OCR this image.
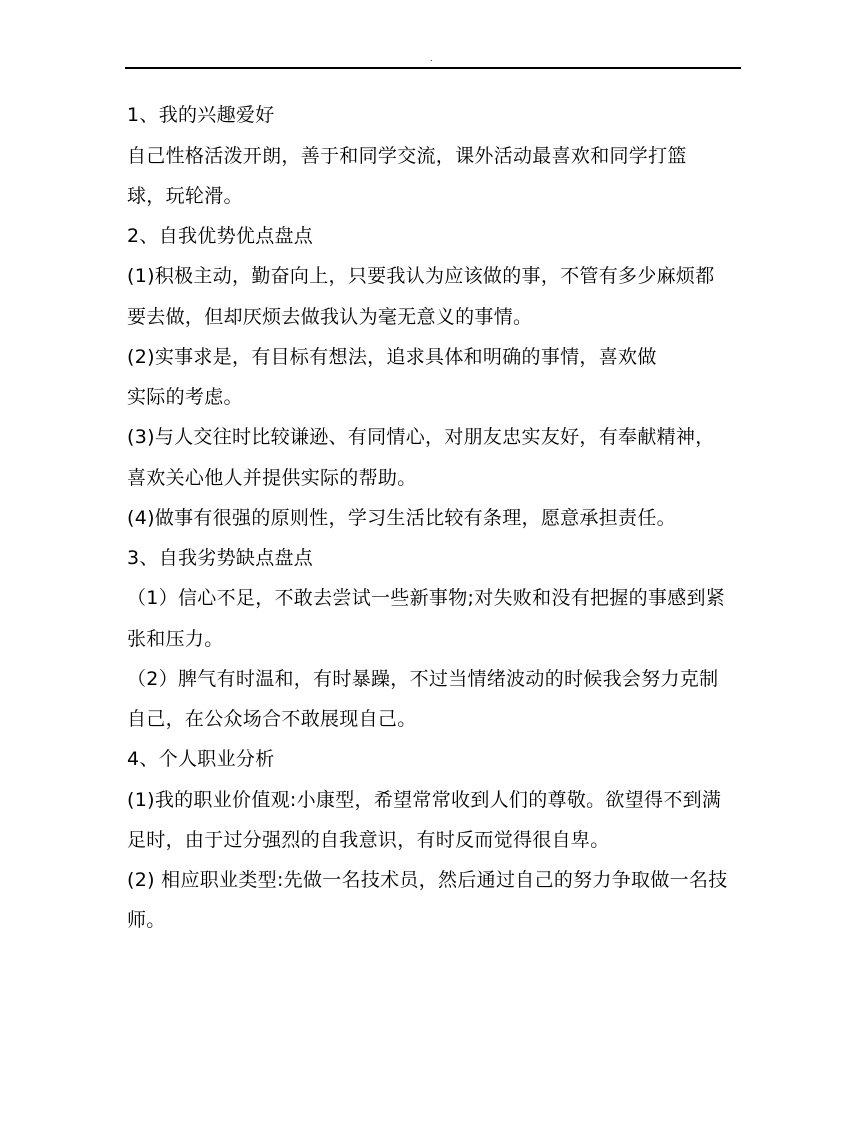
.
1、我的兴趣爱好
自己性格活泼开朗，善于和同学交流，课外活动最喜欢和同学打篮
球，玩轮滑。
2、自我优势优点盘点
(1)积极主动，勤奋向上，只要我认为应该做的事，不管有多少麻烦都
要去做，但却厌烦去做我认为毫无意义的事情。
(2)实事求是，有目标有想法，追求具体和明确的事情，喜欢做
实际的考虑。
(3)与人交往时比较谦逊、有同情心，对朋友忠实友好，有奉献精神，
喜欢关心他人并提供实际的帮助。
(4)做事有很强的原则性，学习生活比较有条理，愿意承担责任。
3、自我劣势缺点盘点
（1）信心不足，不敢去尝试一些新事物;对失败和没有把握的事感到紧
张和压力。
（2）脾气有时温和，有时暴躁，不过当情绪波动的时候我会努力克制
自己，在公众场合不敢展现自己。
4、个人职业分析
(1)我的职业价值观:小康型，希望常常收到人们的尊敬。欲望得不到满
足时，由于过分强烈的自我意识，有时反而觉得很自卑。
(2) 相应职业类型:先做一名技术员，然后通过自己的努力争取做一名技
师。
